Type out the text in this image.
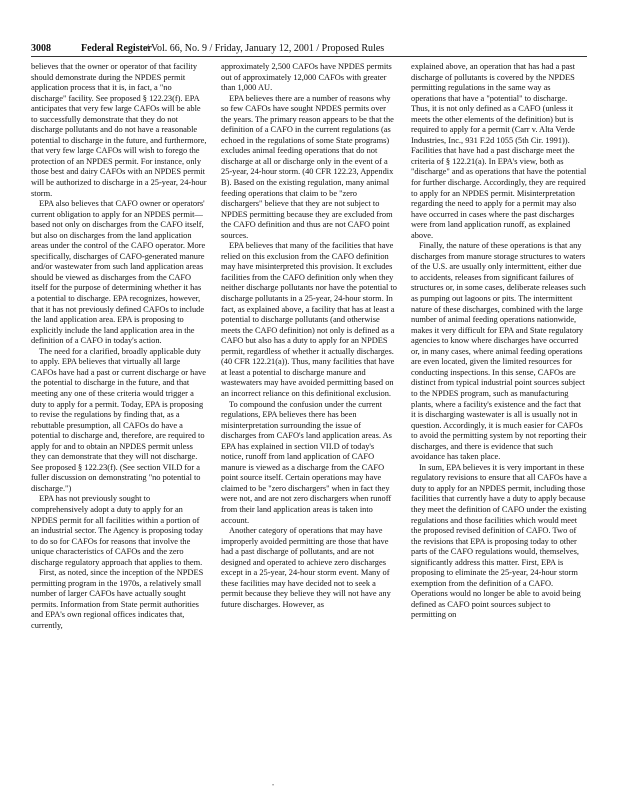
3008	Federal Register
/ Vol. 66, No. 9 / Friday, January 12, 2001 / Proposed Rules

believes that the owner or operator of that facility should demonstrate during the NPDES permit application process that it is, in fact, a "no discharge" facility. See proposed § 122.23(f). EPA anticipates that very few large CAFOs will be able to successfully demonstrate that they do not discharge pollutants and do not have a reasonable potential to discharge in the future, and furthermore, that very few large CAFOs will wish to forego the protection of an NPDES permit. For instance, only those best and dairy CAFOs with an NPDES permit will be authorized to discharge in a 25-year, 24-hour storm.

EPA also believes that CAFO owner or operators' current obligation to apply for an NPDES permit—based not only on discharges from the CAFO itself, but also on discharges from the land application areas under the control of the CAFO operator. More specifically, discharges of CAFO-generated manure and/or wastewater from such land application areas should be viewed as discharges from the CAFO itself for the purpose of determining whether it has a potential to discharge. EPA recognizes, however, that it has not previously defined CAFOs to include the land application area. EPA is proposing to explicitly include the land application area in the definition of a CAFO in today's action.

The need for a clarified, broadly applicable duty to apply. EPA believes that virtually all large CAFOs have had a past or current discharge or have the potential to discharge in the future, and that meeting any one of these criteria would trigger a duty to apply for a permit. Today, EPA is proposing to revise the regulations by finding that, as a rebuttable presumption, all CAFOs do have a potential to discharge and, therefore, are required to apply for and to obtain an NPDES permit unless they can demonstrate that they will not discharge. See proposed § 122.23(f). (See section VII.D for a fuller discussion on demonstrating "no potential to discharge.")

EPA has not previously sought to comprehensively adopt a duty to apply for an NPDES permit for all facilities within a portion of an industrial sector. The Agency is proposing today to do so for CAFOs for reasons that involve the unique characteristics of CAFOs and the zero discharge regulatory approach that applies to them.

First, as noted, since the inception of the NPDES permitting program in the 1970s, a relatively small number of larger CAFOs have actually sought permits. Information from State permit authorities and EPA's own regional offices indicates that, currently,

approximately 2,500 CAFOs have NPDES permits out of approximately 12,000 CAFOs with greater than 1,000 AU.

EPA believes there are a number of reasons why so few CAFOs have sought NPDES permits over the years. The primary reason appears to be that the definition of a CAFO in the current regulations (as echoed in the regulations of some State programs) excludes animal feeding operations that do not discharge at all or discharge only in the event of a 25-year, 24-hour storm. (40 CFR 122.23, Appendix B). Based on the existing regulation, many animal feeding operations that claim to be "zero dischargers" believe that they are not subject to NPDES permitting because they are excluded from the CAFO definition and thus are not CAFO point sources.

EPA believes that many of the facilities that have relied on this exclusion from the CAFO definition may have misinterpreted this provision. It excludes facilities from the CAFO definition only when they neither discharge pollutants nor have the potential to discharge pollutants in a 25-year, 24-hour storm. In fact, as explained above, a facility that has at least a potential to discharge pollutants (and otherwise meets the CAFO definition) not only is defined as a CAFO but also has a duty to apply for an NPDES permit, regardless of whether it actually discharges. (40 CFR 122.21(a)). Thus, many facilities that have at least a potential to discharge manure and wastewaters may have avoided permitting based on an incorrect reliance on this definitional exclusion.

To compound the confusion under the current regulations, EPA believes there has been misinterpretation surrounding the issue of discharges from CAFO's land application areas. As EPA has explained in section VII.D of today's notice, runoff from land application of CAFO manure is viewed as a discharge from the CAFO point source itself. Certain operations may have claimed to be "zero dischargers" when in fact they were not, and are not zero dischargers when runoff from their land application areas is taken into account.

Another category of operations that may have improperly avoided permitting are those that have had a past discharge of pollutants, and are not designed and operated to achieve zero discharges except in a 25-year, 24-hour storm event. Many of these facilities may have decided not to seek a permit because they believe they will not have any future discharges. However, as

explained above, an operation that has had a past discharge of pollutants is covered by the NPDES permitting regulations in the same way as operations that have a "potential" to discharge. Thus, it is not only defined as a CAFO (unless it meets the other elements of the definition) but is required to apply for a permit (Carr v. Alta Verde Industries, Inc., 931 F.2d 1055 (5th Cir. 1991)). Facilities that have had a past discharge meet the criteria of § 122.21(a). In EPA's view, both as "discharge" and as operations that have the potential for further discharge. Accordingly, they are required to apply for an NPDES permit. Misinterpretation regarding the need to apply for a permit may also have occurred in cases where the past discharges were from land application runoff, as explained above.

Finally, the nature of these operations is that any discharges from manure storage structures to waters of the U.S. are usually only intermittent, either due to accidents, releases from significant failures of structures or, in some cases, deliberate releases such as pumping out lagoons or pits. The intermittent nature of these discharges, combined with the large number of animal feeding operations nationwide, makes it very difficult for EPA and State regulatory agencies to know where discharges have occurred or, in many cases, where animal feeding operations are even located, given the limited resources for conducting inspections. In this sense, CAFOs are distinct from typical industrial point sources subject to the NPDES program, such as manufacturing plants, where a facility's existence and the fact that it is discharging wastewater is all is usually not in question. Accordingly, it is much easier for CAFOs to avoid the permitting system by not reporting their discharges, and there is evidence that such avoidance has taken place.

In sum, EPA believes it is very important in these regulatory revisions to ensure that all CAFOs have a duty to apply for an NPDES permit, including those facilities that currently have a duty to apply because they meet the definition of CAFO under the existing regulations and those facilities which would meet the proposed revised definition of CAFO. Two of the revisions that EPA is proposing today to other parts of the CAFO regulations would, themselves, significantly address this matter. First, EPA is proposing to eliminate the 25-year, 24-hour storm exemption from the definition of a CAFO. Operations would no longer be able to avoid being defined as CAFO point sources subject to permitting on

•
